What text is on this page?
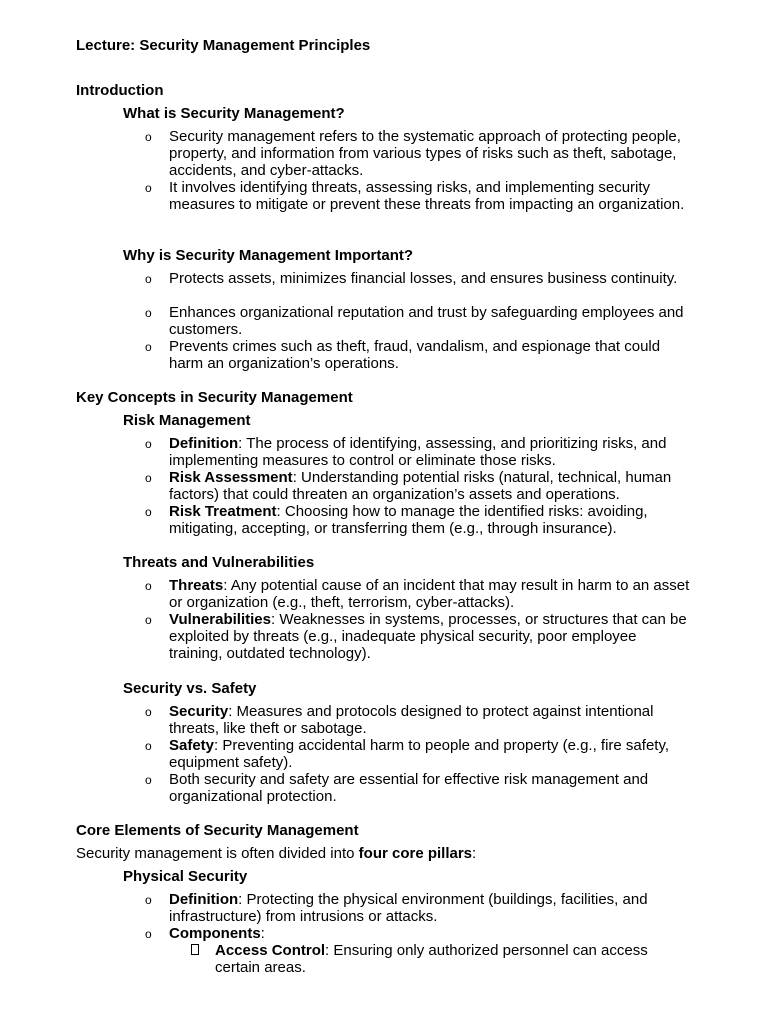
Lecture: Security Management Principles
Introduction
What is Security Management?
o Security management refers to the systematic approach of protecting people, property, and information from various types of risks such as theft, sabotage, accidents, and cyber-attacks.
o It involves identifying threats, assessing risks, and implementing security measures to mitigate or prevent these threats from impacting an organization.
Why is Security Management Important?
o Protects assets, minimizes financial losses, and ensures business continuity.
o Enhances organizational reputation and trust by safeguarding employees and customers.
o Prevents crimes such as theft, fraud, vandalism, and espionage that could harm an organization’s operations.
Key Concepts in Security Management
Risk Management
o Definition: The process of identifying, assessing, and prioritizing risks, and implementing measures to control or eliminate those risks.
o Risk Assessment: Understanding potential risks (natural, technical, human factors) that could threaten an organization’s assets and operations.
o Risk Treatment: Choosing how to manage the identified risks: avoiding, mitigating, accepting, or transferring them (e.g., through insurance).
Threats and Vulnerabilities
o Threats: Any potential cause of an incident that may result in harm to an asset or organization (e.g., theft, terrorism, cyber-attacks).
o Vulnerabilities: Weaknesses in systems, processes, or structures that can be exploited by threats (e.g., inadequate physical security, poor employee training, outdated technology).
Security vs. Safety
o Security: Measures and protocols designed to protect against intentional threats, like theft or sabotage.
o Safety: Preventing accidental harm to people and property (e.g., fire safety, equipment safety).
o Both security and safety are essential for effective risk management and organizational protection.
Core Elements of Security Management
Security management is often divided into four core pillars:
Physical Security
o Definition: Protecting the physical environment (buildings, facilities, and infrastructure) from intrusions or attacks.
o Components:
Access Control: Ensuring only authorized personnel can access certain areas.
